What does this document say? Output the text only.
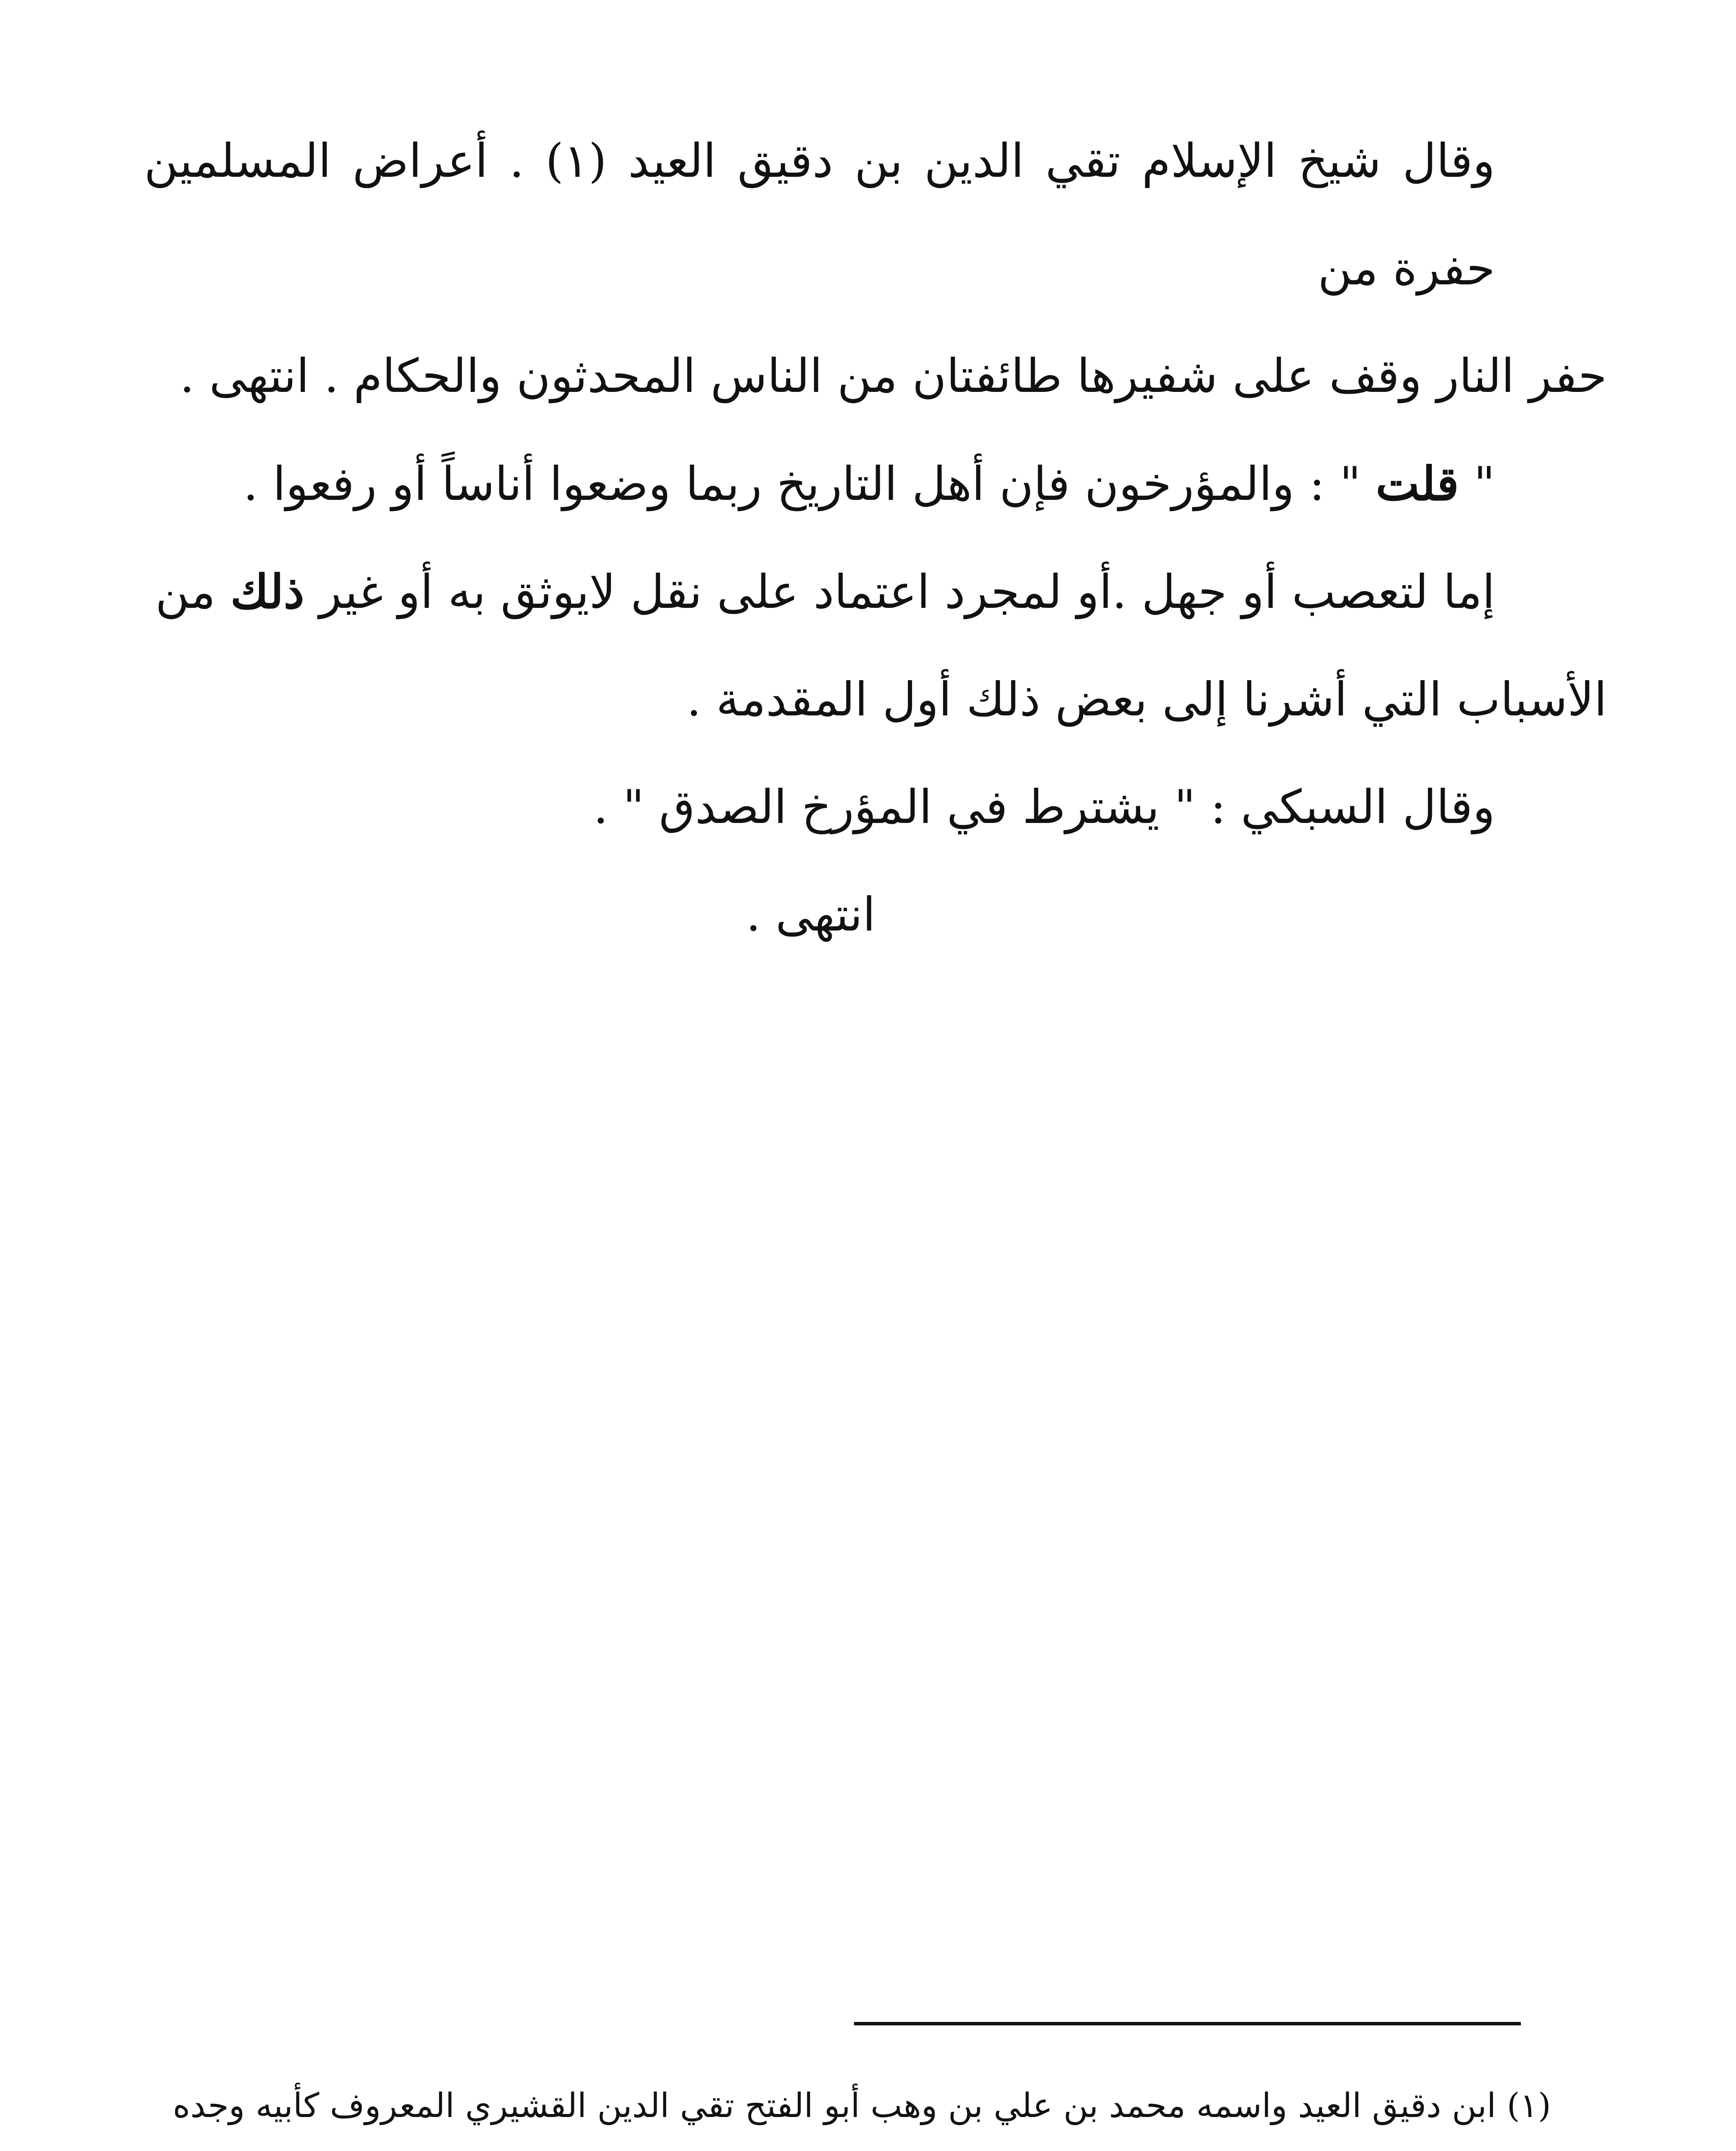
وقال شيخ الإسلام تقي الدين بن دقيق العيد (١) . أعراض المسلمين حفرة من

حفر النار وقف على شفيرها طائفتان من الناس المحدثون والحكام . انتهى .

" قلت " : والمؤرخون فإن أهل التاريخ ربما وضعوا أناساً أو رفعوا .

إما لتعصب أو جهل .أو لمجرد اعتماد على نقل لايوثق به أو غير ذلك من

الأسباب التي أشرنا إلى بعض ذلك أول المقدمة .

وقال السبكي : " يشترط في المؤرخ الصدق " .

انتهى .

(١) ابن دقيق العيد واسمه محمد بن علي بن وهب أبو الفتح تقي الدين القشيري المعروف كأبيه وجده
